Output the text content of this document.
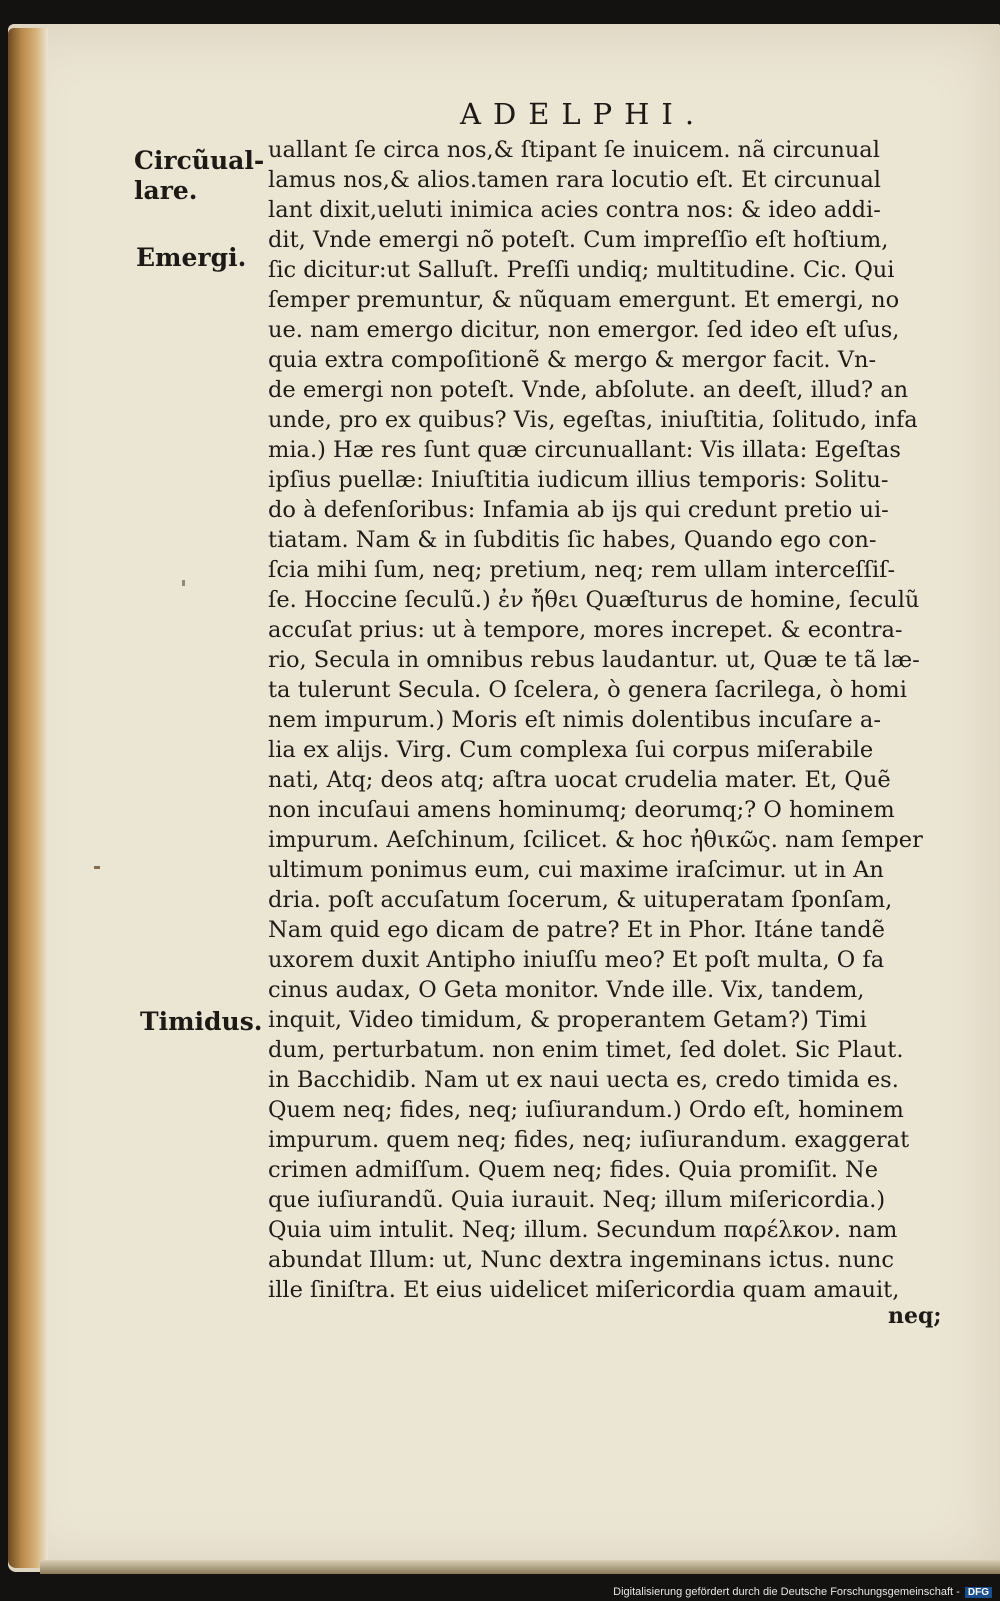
ADELPHI.
Circũual-
lare.
Emergi.
Timidus.
uallant ſe circa nos,& ſtipant ſe inuicem. nã circunual
lamus nos,& alios.tamen rara locutio eſt. Et circunual
lant dixit,ueluti inimica acies contra nos: & ideo addi-
dit, Vnde emergi nõ poteſt. Cum impreſſio eſt hoſtium,
ſic dicitur:ut Salluſt. Preſſi undiq; multitudine. Cic. Qui
ſemper premuntur, & nũquam emergunt. Et emergi, no
ue. nam emergo dicitur, non emergor. ſed ideo eſt uſus,
quia extra compoſitionẽ & mergo & mergor facit. Vn-
de emergi non poteſt. Vnde, abſolute. an deeſt, illud? an
unde, pro ex quibus? Vis, egeſtas, iniuſtitia, ſolitudo, infa
mia.) Hæ res ſunt quæ circunuallant: Vis illata: Egeſtas
ipſius puellæ: Iniuſtitia iudicum illius temporis: Solitu-
do à defenſoribus: Infamia ab ijs qui credunt pretio ui-
tiatam. Nam & in ſubditis ſic habes, Quando ego con-
ſcia mihi ſum, neq; pretium, neq; rem ullam interceſſiſ-
ſe. Hoccine ſeculũ.) ἐν ἤθει Quæſturus de homine, ſeculũ
accuſat prius: ut à tempore, mores increpet. & econtra-
rio, Secula in omnibus rebus laudantur. ut, Quæ te tã læ-
ta tulerunt Secula. O ſcelera, ò genera ſacrilega, ò homi
nem impurum.) Moris eſt nimis dolentibus incuſare a-
lia ex alijs. Virg. Cum complexa ſui corpus miſerabile
nati, Atq; deos atq; aſtra uocat crudelia mater. Et, Quẽ
non incuſaui amens hominumq; deorumq;? O hominem
impurum. Aeſchinum, ſcilicet. & hoc ἠθικῶς. nam ſemper
ultimum ponimus eum, cui maxime iraſcimur. ut in An
dria. poſt accuſatum ſocerum, & uituperatam ſponſam,
Nam quid ego dicam de patre? Et in Phor. Itáne tandẽ
uxorem duxit Antipho iniuſſu meo? Et poſt multa, O fa
cinus audax, O Geta monitor. Vnde ille. Vix, tandem,
inquit, Video timidum, & properantem Getam?) Timi
dum, perturbatum. non enim timet, ſed dolet. Sic Plaut.
in Bacchidib. Nam ut ex naui uecta es, credo timida es.
Quem neq; fides, neq; iuſiurandum.) Ordo eſt, hominem
impurum. quem neq; fides, neq; iuſiurandum. exaggerat
crimen admiſſum. Quem neq; fides. Quia promiſit. Ne
que iuſiurandũ. Quia iurauit. Neq; illum miſericordia.)
Quia uim intulit. Neq; illum. Secundum παρέλκον. nam
abundat Illum: ut, Nunc dextra ingeminans ictus. nunc
ille ſiniſtra. Et eius uidelicet miſericordia quam amauit,
neq;
Digitalisierung gefördert durch die Deutsche Forschungsgemeinschaft - DFG
